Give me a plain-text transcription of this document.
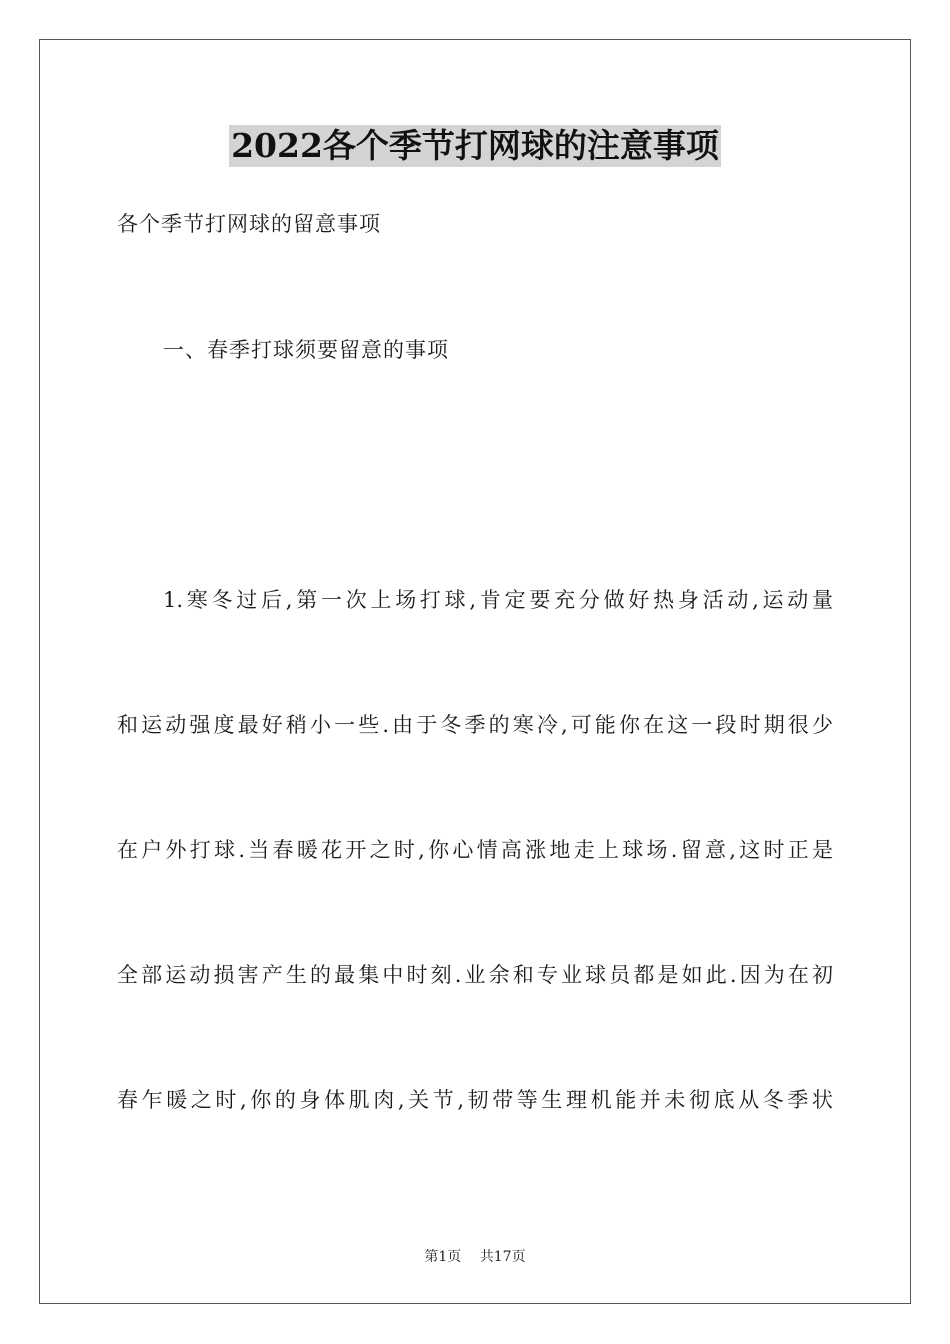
2022各个季节打网球的注意事项
各个季节打网球的留意事项
一、春季打球须要留意的事项
1.寒冬过后,第一次上场打球,肯定要充分做好热身活动,运动量
和运动强度最好稍小一些.由于冬季的寒冷,可能你在这一段时期很少
在户外打球.当春暖花开之时,你心情高涨地走上球场.留意,这时正是
全部运动损害产生的最集中时刻.业余和专业球员都是如此.因为在初
春乍暖之时,你的身体肌肉,关节,韧带等生理机能并未彻底从冬季状
第1页 共17页
